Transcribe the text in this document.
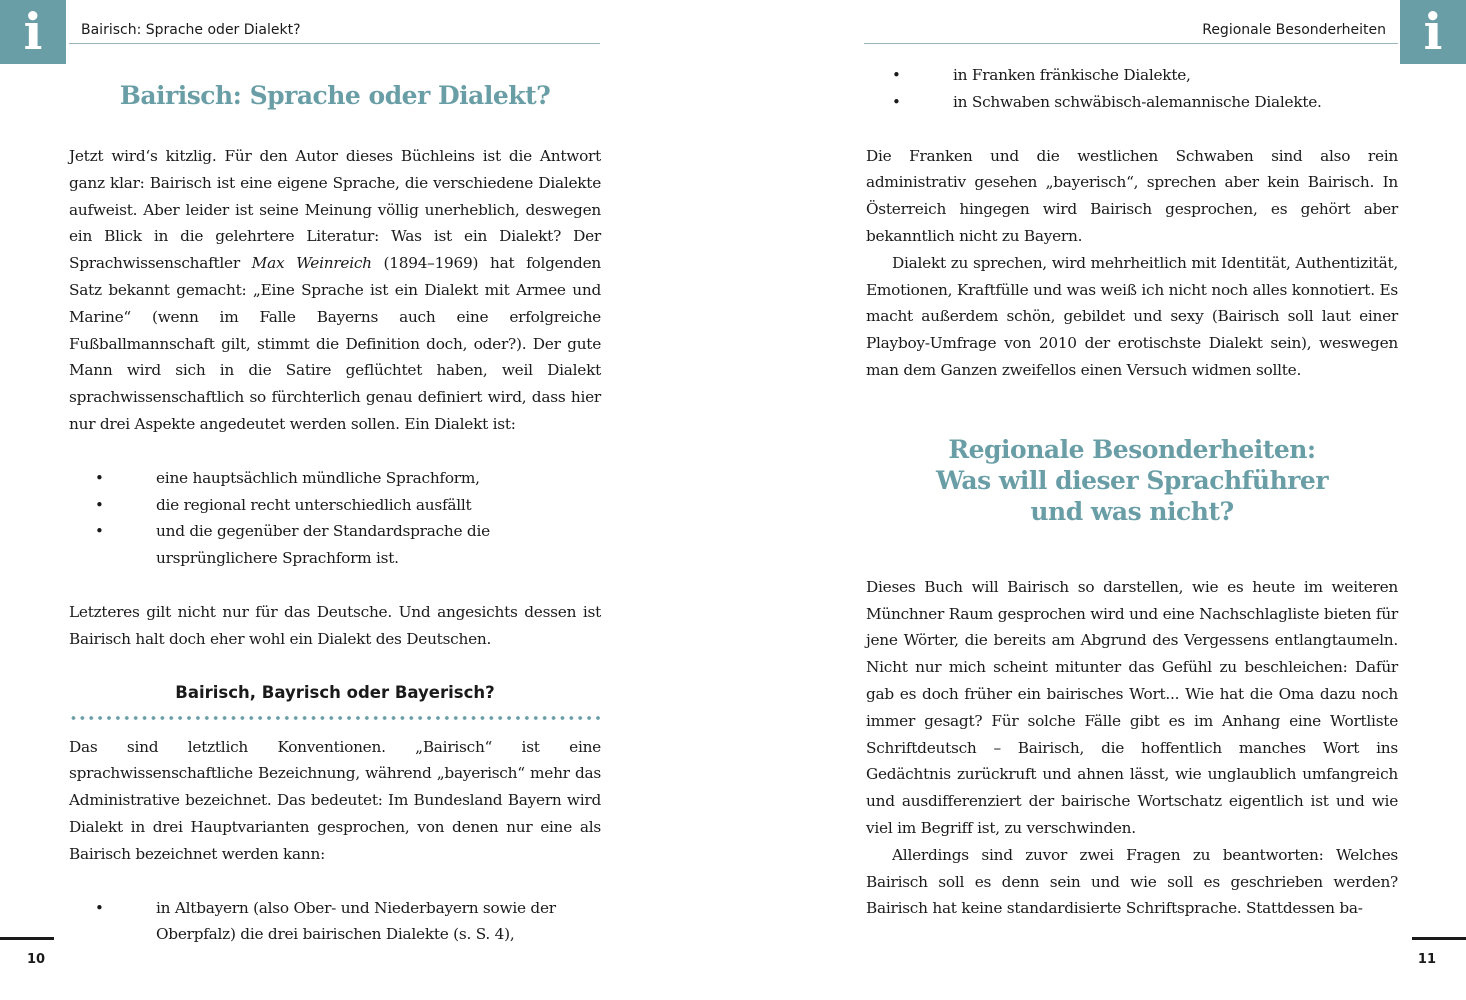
i	Bairisch: Sprache oder Dialekt?
Bairisch: Sprache oder Dialekt?

Jetzt wird‘s kitzlig. Für den Autor dieses Büchleins ist die Antwort ganz klar: Bairisch ist eine eigene Sprache, die verschiedene Dialekte aufweist. Aber leider ist seine Meinung völlig unerheblich, deswegen ein Blick in die gelehrtere Literatur: Was ist ein Dialekt? Der Sprachwissenschaftler Max Weinreich (1894–1969) hat folgenden Satz bekannt gemacht: „Eine Sprache ist ein Dialekt mit Armee und Marine“ (wenn im Falle Bayerns auch eine erfolgreiche Fußballmannschaft gilt, stimmt die Definition doch, oder?). Der gute Mann wird sich in die Satire geflüchtet haben, weil Dialekt sprachwissenschaftlich so fürchterlich genau definiert wird, dass hier nur drei Aspekte angedeutet werden sollen. Ein Dialekt ist:

•	eine hauptsächlich mündliche Sprachform,
•	die regional recht unterschiedlich ausfällt
•	und die gegenüber der Standardsprache die ursprünglichere Sprachform ist.

Letzteres gilt nicht nur für das Deutsche. Und angesichts dessen ist Bairisch halt doch eher wohl ein Dialekt des Deutschen.

Bairisch, Bayrisch oder Bayerisch?

Das sind letztlich Konventionen. „Bairisch“ ist eine sprachwissenschaftliche Bezeichnung, während „bayerisch“ mehr das Administrative bezeichnet. Das bedeutet: Im Bundesland Bayern wird Dialekt in drei Hauptvarianten gesprochen, von denen nur eine als Bairisch bezeichnet werden kann:

•	in Altbayern (also Ober- und Niederbayern sowie der Oberpfalz) die drei bairischen Dialekte (s. S. 4),
10
Regionale Besonderheiten i
•	in Franken fränkische Dialekte,
•	in Schwaben schwäbisch-alemannische Dialekte.

Die Franken und die westlichen Schwaben sind also rein administrativ gesehen „bayerisch“, sprechen aber kein Bairisch. In Österreich hingegen wird Bairisch gesprochen, es gehört aber bekanntlich nicht zu Bayern.

Dialekt zu sprechen, wird mehrheitlich mit Identität, Authentizität, Emotionen, Kraftfülle und was weiß ich nicht noch alles konnotiert. Es macht außerdem schön, gebildet und sexy (Bairisch soll laut einer Playboy-Umfrage von 2010 der erotischste Dialekt sein), weswegen man dem Ganzen zweifellos einen Versuch widmen sollte.

Regionale Besonderheiten:
Was will dieser Sprachführer
und was nicht?

Dieses Buch will Bairisch so darstellen, wie es heute im weiteren Münchner Raum gesprochen wird und eine Nachschlagliste bieten für jene Wörter, die bereits am Abgrund des Vergessens entlangtaumeln. Nicht nur mich scheint mitunter das Gefühl zu beschleichen: Dafür gab es doch früher ein bairisches Wort... Wie hat die Oma dazu noch immer gesagt? Für solche Fälle gibt es im Anhang eine Wortliste Schriftdeutsch – Bairisch, die hoffentlich manches Wort ins Gedächtnis zurückruft und ahnen lässt, wie unglaublich umfangreich und ausdifferenziert der bairische Wortschatz eigentlich ist und wie viel im Begriff ist, zu verschwinden.

Allerdings sind zuvor zwei Fragen zu beantworten: Welches Bairisch soll es denn sein und wie soll es geschrieben werden? Bairisch hat keine standardisierte Schriftsprache. Stattdessen ba-

11
